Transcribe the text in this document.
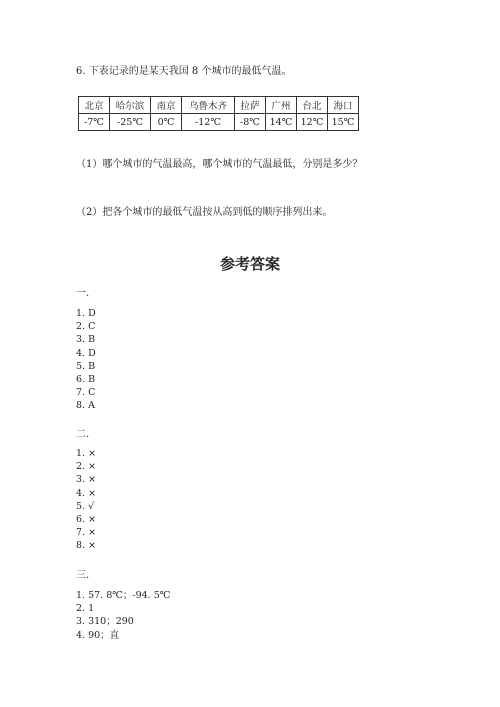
6. 下表记录的是某天我国 8 个城市的最低气温。
北京	哈尔滨	南京	乌鲁木齐	拉萨	广州	台北	海口
-7℃	-25℃	0℃	-12℃	-8℃	14℃	12℃	15℃
（1）哪个城市的气温最高，哪个城市的气温最低，分别是多少？
（2）把各个城市的最低气温按从高到低的顺序排列出来。
参考答案
一.
1. D
2. C
3. B
4. D
5. B
6. B
7. C
8. A
二.
1. ×
2. ×
3. ×
4. ×
5. √
6. ×
7. ×
8. ×
三.
1. 57. 8℃；-94. 5℃
2. 1
3. 310；290
4. 90；直
